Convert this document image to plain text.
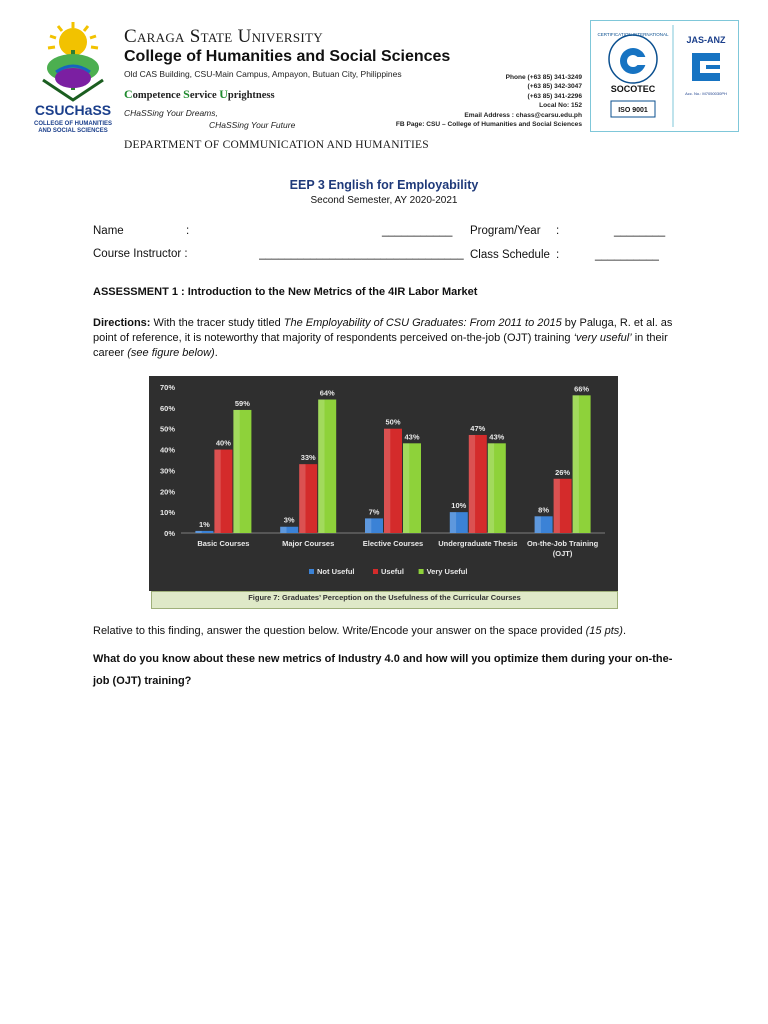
CSUCHaSS
COLLEGE OF HUMANITIES
AND SOCIAL SCIENCES
Caraga State University
College of Humanities and Social Sciences
Old CAS Building, CSU-Main Campus, Ampayon, Butuan City, Philippines
Competence Service Uprightness
CHaSSing Your Dreams,
CHaSSing Your Future
Phone (+63 85) 341-3249
(+63 85) 342-3047
(+63 85) 341-2296
Local No: 152
Email Address : chass@carsu.edu.ph
FB Page: CSU – College of Humanities and Social Sciences
DEPARTMENT OF COMMUNICATION AND HUMANITIES
CERTIFICATION INTERNATIONAL
SOCOTEC
ISO 9001
JAS-ANZ
Acc. No.: M7050030PH
EEP 3 English for Employability
Second Semester, AY 2020-2021
Name	:	___________ Program/Year :	________
Course Instructor :	________________________________ Class Schedule :	__________
ASSESSMENT 1 : Introduction to the New Metrics of the 4IR Labor Market
Directions: With the tracer study titled The Employability of CSU Graduates: From 2011 to 2015 by Paluga, R. et al. as point of reference, it is noteworthy that majority of respondents perceived on-the-job (OJT) training ‘very useful’ in their career (see figure below).
0%
10%
20%
30%
40%
50%
60%
70%
1%
40%
59%
Basic Courses
3%
33%
64%
Major Courses
7%
50%
43%
Elective Courses
10%
47%
43%
Undergraduate Thesis
8%
26%
66%
On-the-Job Training
(OJT)
Not Useful	Useful	Very Useful
Figure 7: Graduates’ Perception on the Usefulness of the Curricular Courses
Relative to this finding, answer the question below. Write/Encode your answer on the space provided (15 pts).
What do you know about these new metrics of Industry 4.0 and how will you optimize them during your on-the-job (OJT) training?
